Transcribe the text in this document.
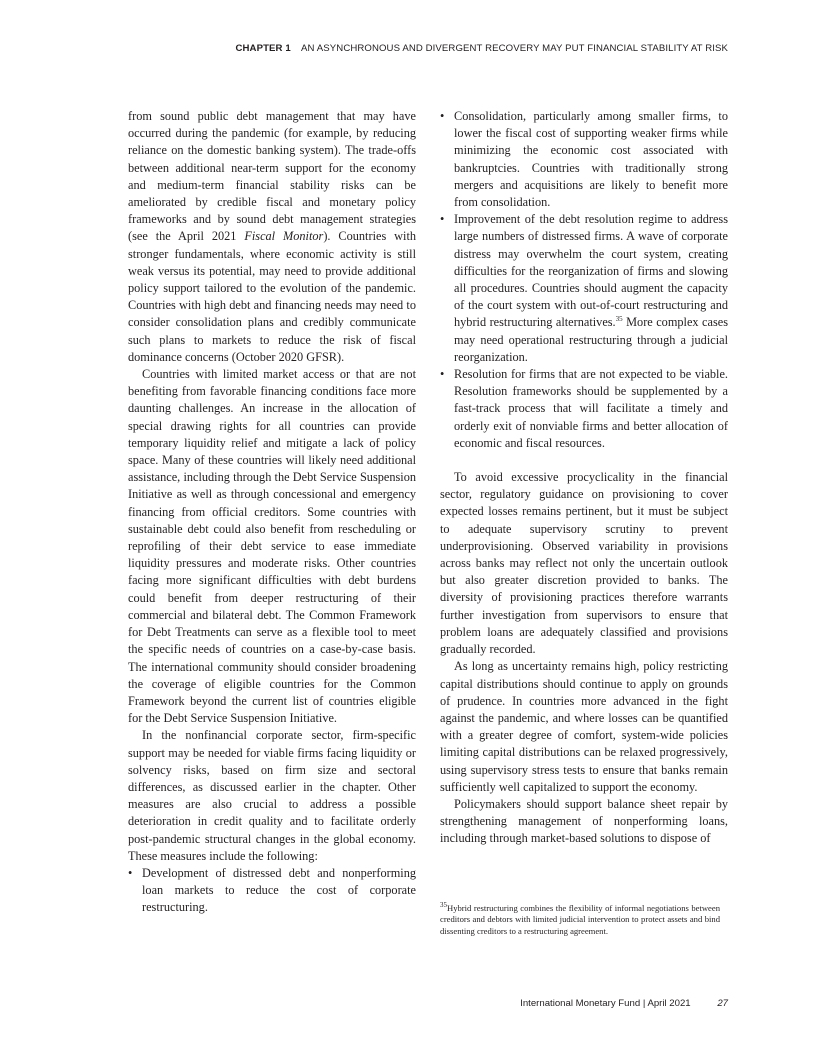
CHAPTER 1 AN ASYNCHRONOUS AND DIVERGENT RECOVERY MAY PUT FINANCIAL STABILITY AT RISK

from sound public debt management that may have occurred during the pandemic (for example, by reducing reliance on the domestic banking system). The trade-offs between additional near-term support for the economy and medium-term financial stability risks can be ameliorated by credible fiscal and monetary policy frameworks and by sound debt management strategies (see the April 2021 Fiscal Monitor). Countries with stronger fundamentals, where economic activity is still weak versus its potential, may need to provide additional policy support tailored to the evolution of the pandemic. Countries with high debt and financing needs may need to consider consolidation plans and credibly communicate such plans to markets to reduce the risk of fiscal dominance concerns (October 2020 GFSR).

Countries with limited market access or that are not benefiting from favorable financing conditions face more daunting challenges. An increase in the allocation of special drawing rights for all countries can provide temporary liquidity relief and mitigate a lack of policy space. Many of these countries will likely need additional assistance, including through the Debt Service Suspension Initiative as well as through concessional and emergency financing from official creditors. Some countries with sustainable debt could also benefit from rescheduling or reprofiling of their debt service to ease immediate liquidity pressures and moderate risks. Other countries facing more significant difficulties with debt burdens could benefit from deeper restructuring of their commercial and bilateral debt. The Common Framework for Debt Treatments can serve as a flexible tool to meet the specific needs of countries on a case-by-case basis. The international community should consider broadening the coverage of eligible countries for the Common Framework beyond the current list of countries eligible for the Debt Service Suspension Initiative.

In the nonfinancial corporate sector, firm-specific support may be needed for viable firms facing liquidity or solvency risks, based on firm size and sectoral differences, as discussed earlier in the chapter. Other measures are also crucial to address a possible deterioration in credit quality and to facilitate orderly post-pandemic structural changes in the global economy. These measures include the following:

• Development of distressed debt and nonperforming loan markets to reduce the cost of corporate restructuring.
• Consolidation, particularly among smaller firms, to lower the fiscal cost of supporting weaker firms while minimizing the economic cost associated with bankruptcies. Countries with traditionally strong mergers and acquisitions are likely to benefit more from consolidation.
• Improvement of the debt resolution regime to address large numbers of distressed firms. A wave of corporate distress may overwhelm the court system, creating difficulties for the reorganization of firms and slowing all procedures. Countries should augment the capacity of the court system with out-of-court restructuring and hybrid restructuring alternatives.$^{35}$ More complex cases may need operational restructuring through a judicial reorganization.
• Resolution for firms that are not expected to be viable. Resolution frameworks should be supplemented by a fast-track process that will facilitate a timely and orderly exit of nonviable firms and better allocation of economic and fiscal resources.

To avoid excessive procyclicality in the financial sector, regulatory guidance on provisioning to cover expected losses remains pertinent, but it must be subject to adequate supervisory scrutiny to prevent underprovisioning. Observed variability in provisions across banks may reflect not only the uncertain outlook but also greater discretion provided to banks. The diversity of provisioning practices therefore warrants further investigation from supervisors to ensure that problem loans are adequately classified and provisions gradually recorded.

As long as uncertainty remains high, policy restricting capital distributions should continue to apply on grounds of prudence. In countries more advanced in the fight against the pandemic, and where losses can be quantified with a greater degree of comfort, system-wide policies limiting capital distributions can be relaxed progressively, using supervisory stress tests to ensure that banks remain sufficiently well capitalized to support the economy.

Policymakers should support balance sheet repair by strengthening management of nonperforming loans, including through market-based solutions to dispose of

$^{35}$Hybrid restructuring combines the flexibility of informal negotiations between creditors and debtors with limited judicial intervention to protect assets and bind dissenting creditors to a restructuring agreement.
International Monetary Fund | April 2021	27
